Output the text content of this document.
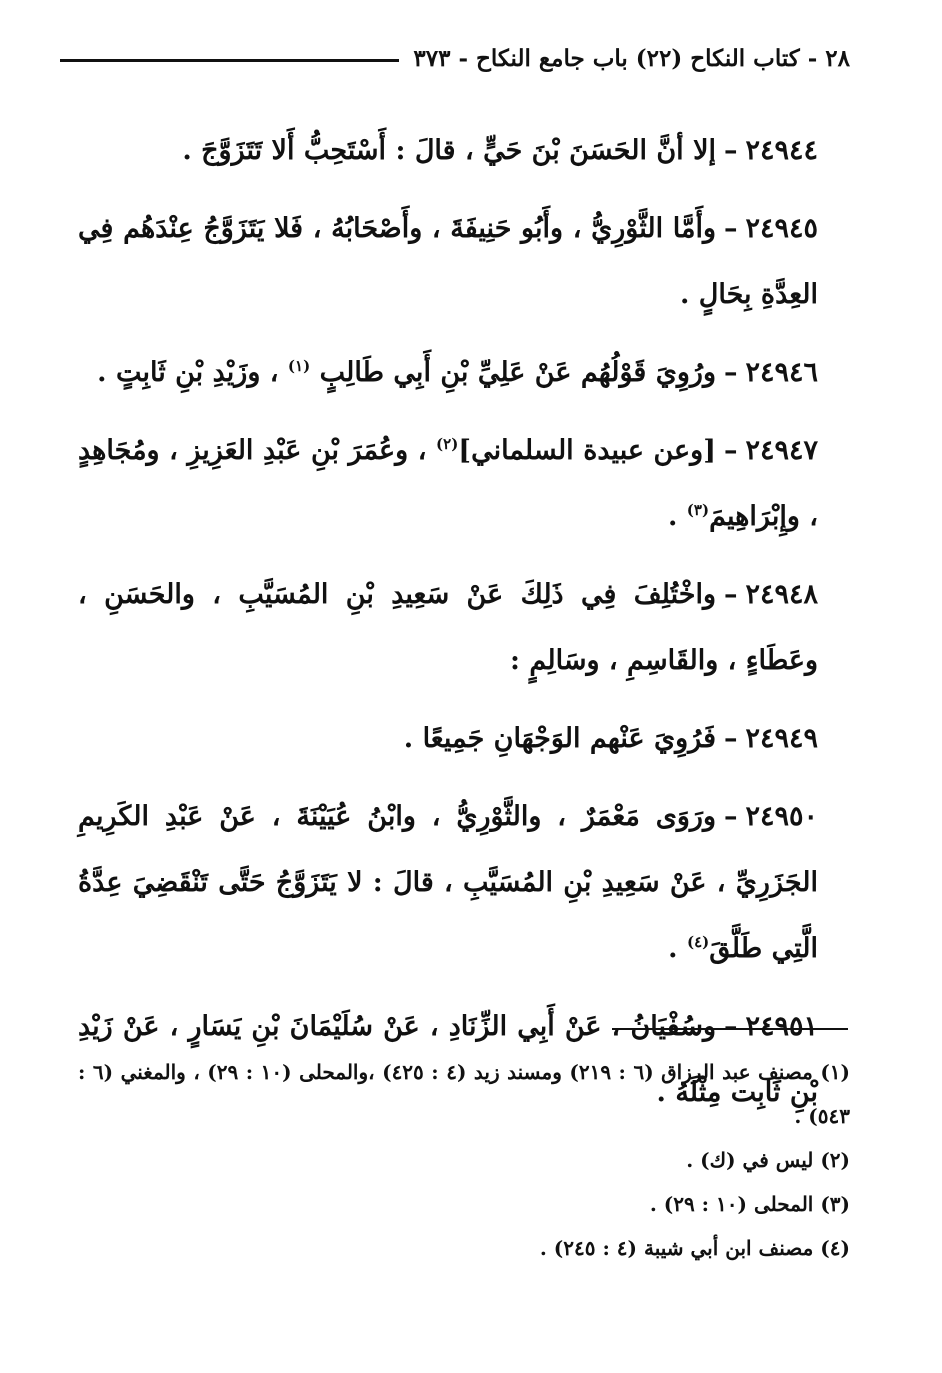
٢٨ - كتاب النكاح (٢٢) باب جامع النكاح - ٣٧٣

٢٤٩٤٤–إلا أنَّ الحَسَنَ بْنَ حَيٍّ ، قالَ : أَسْتَحِبُّ أَلا تَتَزَوَّجَ .

٢٤٩٤٥–وأَمَّا الثَّوْرِيُّ ، وأَبُو حَنِيفَةَ ، وأَصْحَابُهُ ، فَلا يَتَزَوَّجُ عِنْدَهُم فِي العِدَّةِ بِحَالٍ .

٢٤٩٤٦–ورُوِيَ قَوْلُهُم عَنْ عَلِيِّ بْنِ أَبِي طَالِبٍ $^{(١)}$ ، وزَيْدِ بْنِ ثَابِتٍ .

٢٤٩٤٧–[وعن عبيدة السلماني]$^{(٢)}$ ، وعُمَرَ بْنِ عَبْدِ العَزِيزِ ، ومُجَاهِدٍ ، وإِبْرَاهِيمَ$^{(٣)}$ .

٢٤٩٤٨–واخْتُلِفَ فِي ذَلِكَ عَنْ سَعِيدِ بْنِ المُسَيَّبِ ، والحَسَنِ ، وعَطَاءٍ ، والقَاسِمِ ، وسَالِمٍ :

٢٤٩٤٩–فَرُوِيَ عَنْهم الوَجْهَانِ جَمِيعًا .

٢٤٩٥٠–ورَوَى مَعْمَرٌ ، والثَّوْرِيُّ ، وابْنُ عُيَيْنَةَ ، عَنْ عَبْدِ الكَرِيمِ الجَزَرِيِّ ، عَنْ سَعِيدِ بْنِ المُسَيَّبِ ، قالَ : لا يَتَزَوَّجُ حَتَّى تَنْقَضِيَ عِدَّةُ الَّتِي طَلَّقَ$^{(٤)}$ .

٢٤٩٥١–وسُفْيَانُ ، عَنْ أَبِي الزِّنَادِ ، عَنْ سُلَيْمَانَ بْنِ يَسَارٍ ، عَنْ زَيْدِ بْنِ ثَابِت مِثْلَهُ .

(١) مصنف عبد الرزاق (٦ : ٢١٩) ومسند زيد (٤ : ٤٢٥) ،والمحلى (١٠ : ٢٩) ، والمغني (٦ : ٥٤٣) .

(٢) ليس في (ك) .

(٣) المحلى (١٠ : ٢٩) .

(٤) مصنف ابن أبي شيبة (٤ : ٢٤٥) .
